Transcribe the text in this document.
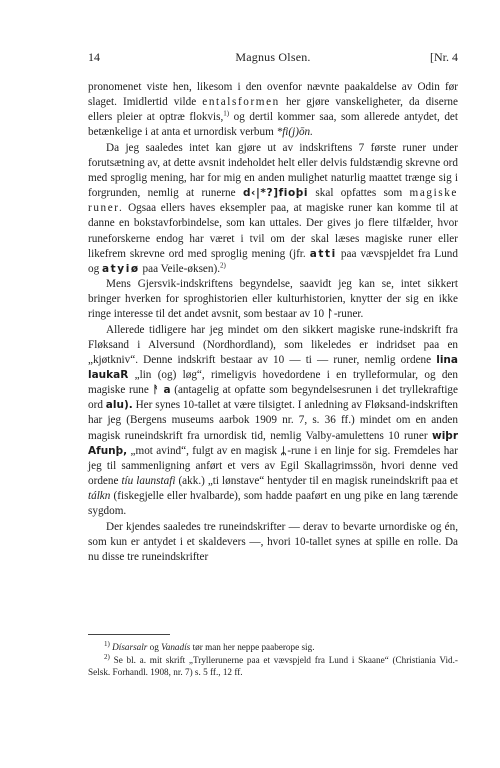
14	Magnus Olsen.	[Nr. 4

pronomenet viste hen, likesom i den ovenfor nævnte paakaldelse av Odin før slaget. Imidlertid vilde entalsformen her gjøre vanskeligheter, da diserne ellers pleier at optræ flokvis,$^{1)}$ og dertil kommer saa, som allerede antydet, det betænkelige i at anta et urnordisk verbum *fi(j)ōn.

Da jeg saaledes intet kan gjøre ut av indskriftens 7 første runer under forutsætning av, at dette avsnit indeholdet helt eller delvis fuldstændig skrevne ord med sproglig mening, har for mig en anden mulighet naturlig maattet trænge sig i forgrunden, nemlig at runerne d‹|*?]fioþi skal opfattes som magiske runer. Ogsaa ellers haves eksempler paa, at magiske runer kan komme til at danne en bokstavforbindelse, som kan uttales. Der gives jo flere tilfælder, hvor runeforskerne endog har været i tvil om der skal læses magiske runer eller likefrem skrevne ord med sproglig mening (jfr. atti paa vævspjeldet fra Lund og atyiø paa Veile-øksen).$^{2)}$

Mens Gjersvik-indskriftens begyndelse, saavidt jeg kan se, intet sikkert bringer hverken for sproghistorien eller kulturhistorien, knytter der sig en ikke ringe interesse til det andet avsnit, som bestaar av 10 ᛚ-runer.

Allerede tidligere har jeg mindet om den sikkert magiske rune-indskrift fra Fløksand i Alversund (Nordhordland), som likeledes er indridset paa en „kjøtkniv“. Denne indskrift bestaar av 10 — ti — runer, nemlig ordene lina laukaR „lin (og) løg“, rimeligvis hovedordene i en trylleformular, og den magiske rune ᚨ a (antagelig at opfatte som begyndelsesrunen i det tryllekraftige ord alu). Her synes 10-tallet at være tilsigtet. I anledning av Fløksand-indskriften har jeg (Bergens museums aarbok 1909 nr. 7, s. 36 ff.) mindet om en anden magisk runeindskrift fra urnordisk tid, nemlig Valby-amulettens 10 runer wiþr Afunþ, „mot avind“, fulgt av en magisk ᛦ-rune i en linje for sig. Fremdeles har jeg til sammenligning anført et vers av Egil Skallagrimssön, hvori denne ved ordene tíu launstafi (akk.) „ti lønstave“ hentyder til en magisk runeindskrift paa et tálkn (fiskegjelle eller hvalbarde), som hadde paaført en ung pike en lang tærende sygdom.

Der kjendes saaledes tre runeindskrifter — derav to bevarte urnordiske og én, som kun er antydet i et skaldevers —, hvori 10-tallet synes at spille en rolle. Da nu disse tre runeindskrifter

$^{1)}$ Dísarsalr og Vanadís tør man her neppe paaberope sig.

$^{2)}$ Se bl. a. mit skrift „Tryllerunerne paa et vævspjeld fra Lund i Skaane“ (Christiania Vid.-Selsk. Forhandl. 1908, nr. 7) s. 5 ff., 12 ff.
